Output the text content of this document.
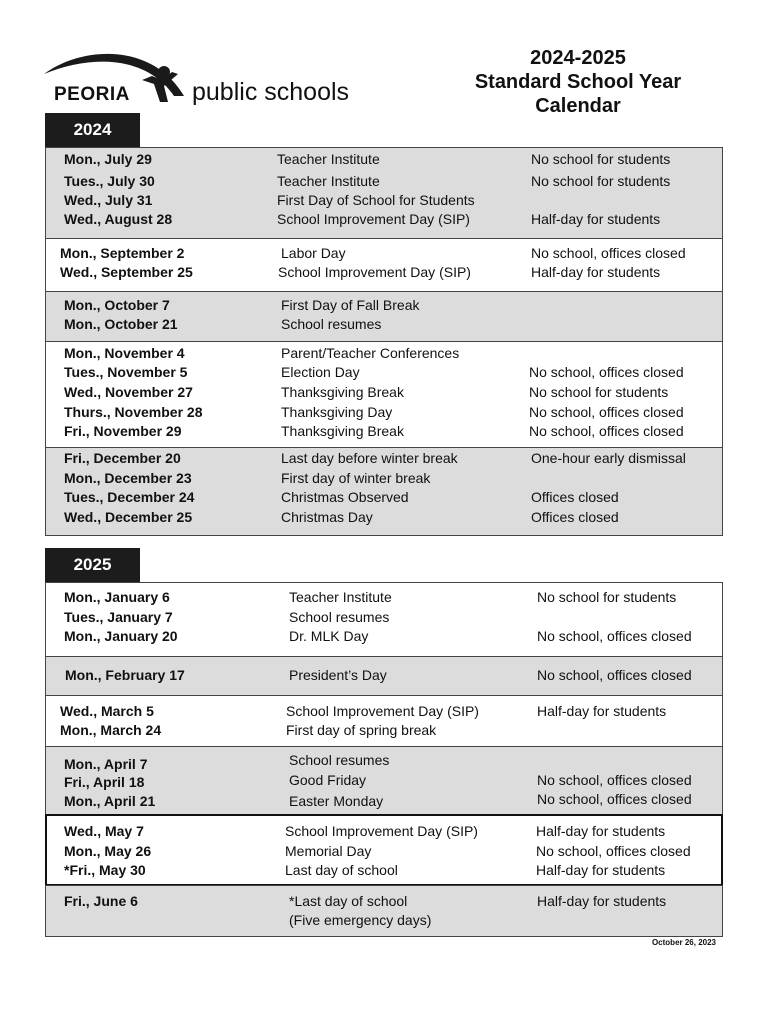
PEORIA public schools
2024-2025
Standard School Year
Calendar
2024
Mon., July 29	Teacher Institute	No school for students
Tues., July 30	Teacher Institute	No school for students
Wed., July 31	First Day of School for Students
Wed., August 28	School Improvement Day (SIP)	Half-day for students
Mon., September 2	Labor Day	No school, offices closed
Wed., September 25	School Improvement Day (SIP)	Half-day for students
Mon., October 7	First Day of Fall Break
Mon., October 21	School resumes
Mon., November 4	Parent/Teacher Conferences
Tues., November 5	Election Day	No school, offices closed
Wed., November 27	Thanksgiving Break	No school for students
Thurs., November 28	Thanksgiving Day	No school, offices closed
Fri., November 29	Thanksgiving Break	No school, offices closed
Fri., December 20	Last day before winter break	One-hour early dismissal
Mon., December 23	First day of winter break
Tues., December 24	Christmas Observed	Offices closed
Wed., December 25	Christmas Day	Offices closed
2025
Mon., January 6	Teacher Institute	No school for students
Tues., January 7	School resumes
Mon., January 20	Dr. MLK Day	No school, offices closed
Mon., February 17	President’s Day	No school, offices closed
Wed., March 5	School Improvement Day (SIP)	Half-day for students
Mon., March 24	First day of spring break
Mon., April 7	School resumes
Fri., April 18	Good Friday	No school, offices closed
Mon., April 21	Easter Monday	No school, offices closed
Wed., May 7	School Improvement Day (SIP)	Half-day for students
Mon., May 26	Memorial Day	No school, offices closed
*Fri., May 30	Last day of school	Half-day for students
Fri., June 6	*Last day of school	Half-day for students
(Five emergency days)
October 26, 2023
